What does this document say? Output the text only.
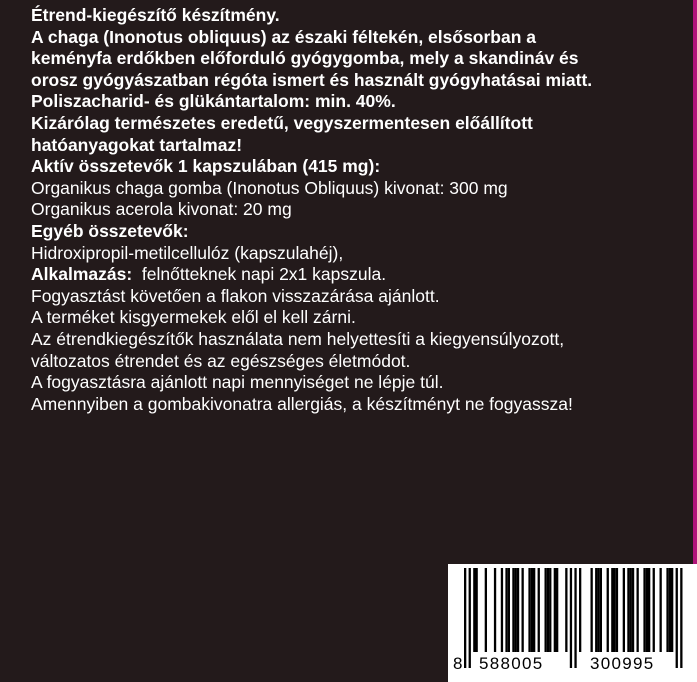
Étrend-kiegészítő készítmény.
A chaga (Inonotus obliquus) az északi féltekén, elsősorban a
keményfa erdőkben előforduló gyógygomba, mely a skandináv és
orosz gyógyászatban régóta ismert és használt gyógyhatásai miatt.
Poliszacharid- és glükántartalom: min. 40%.
Kizárólag természetes eredetű, vegyszermentesen előállított
hatóanyagokat tartalmaz!
Aktív összetevők 1 kapszulában (415 mg):
Organikus chaga gomba (Inonotus Obliquus) kivonat: 300 mg
Organikus acerola kivonat: 20 mg
Egyéb összetevők:
Hidroxipropil-metilcellulóz (kapszulahéj),
Alkalmazás:  felnőtteknek napi 2x1 kapszula.
Fogyasztást követően a flakon visszazárása ajánlott.
A terméket kisgyermekek elől el kell zárni.
Az étrendkiegészítők használata nem helyettesíti a kiegyensúlyozott,
változatos étrendet és az egészséges életmódot.
A fogyasztásra ajánlott napi mennyiséget ne lépje túl.
Amennyiben a gombakivonatra allergiás, a készítményt ne fogyassza!
8 588005	300995
